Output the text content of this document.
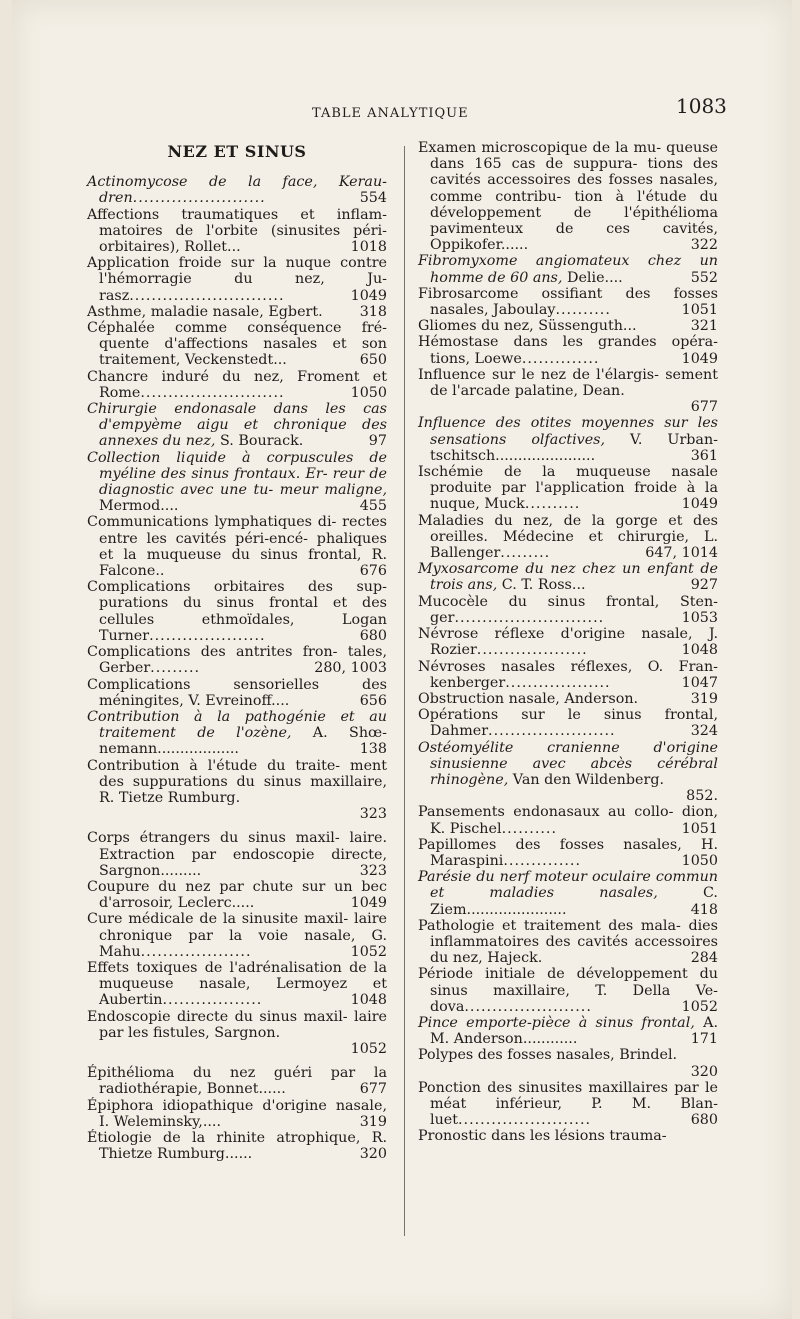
TABLE ANALYTIQUE	1083
NEZ ET SINUS

Actinomycose de la face, Kerau- dren........................	554

Affections traumatiques et inflam- matoires de l'orbite (sinusites péri-orbitaires), Rollet...	1018

Application froide sur la nuque contre l'hémorragie du nez, Ju- rasz............................	1049

Asthme, maladie nasale, Egbert.	318

Céphalée comme conséquence fré- quente d'affections nasales et son traitement, Veckenstedt...	650

Chancre induré du nez, Froment et Rome..........................	1050

Chirurgie endonasale dans les cas d'empyème aigu et chronique des annexes du nez, S. Bourack.	97

Collection liquide à corpuscules de myéline des sinus frontaux. Er- reur de diagnostic avec une tu- meur maligne, Mermod....	455

Communications lymphatiques di- rectes entre les cavités péri-encé- phaliques et la muqueuse du sinus frontal, R. Falcone..	676

Complications orbitaires des sup- purations du sinus frontal et des cellules ethmoïdales, Logan Turner.....................	680

Complications des antrites fron- tales, Gerber.........	280, 1003

Complications sensorielles des méningites, V. Evreinoff....	656

Contribution à la pathogénie et au traitement de l'ozène, A. Shœ- nemann..................	138

Contribution à l'étude du traite- ment des suppurations du sinus maxillaire, R. Tietze Rumburg.

323

Corps étrangers du sinus maxil- laire. Extraction par endoscopie directe, Sargnon.........	323

Coupure du nez par chute sur un bec d'arrosoir, Leclerc.....	1049

Cure médicale de la sinusite maxil- laire chronique par la voie nasale, G. Mahu....................	1052

Effets toxiques de l'adrénalisation de la muqueuse nasale, Lermoyez et Aubertin..................	1048

Endoscopie directe du sinus maxil- laire par les fistules, Sargnon.

1052

Épithélioma du nez guéri par la radiothérapie, Bonnet......	677

Épiphora idiopathique d'origine nasale, I. Weleminsky,....	319

Étiologie de la rhinite atrophique, R. Thietze Rumburg......	320

Examen microscopique de la mu- queuse dans 165 cas de suppura- tions des cavités accessoires des fosses nasales, comme contribu- tion à l'étude du développement de l'épithélioma pavimenteux de ces cavités, Oppikofer......	322

Fibromyxome angiomateux chez un homme de 60 ans, Delie....	552

Fibrosarcome ossifiant des fosses nasales, Jaboulay..........	1051

Gliomes du nez, Süssenguth...	321

Hémostase dans les grandes opéra- tions, Loewe..............	1049

Influence sur le nez de l'élargis- sement de l'arcade palatine, Dean.

677

Influence des otites moyennes sur les sensations olfactives, V. Urban- tschitsch......................	361

Ischémie de la muqueuse nasale produite par l'application froide à la nuque, Muck..........	1049

Maladies du nez, de la gorge et des oreilles. Médecine et chirurgie, L. Ballenger.........	647, 1014

Myxosarcome du nez chez un enfant de trois ans, C. T. Ross...	927

Mucocèle du sinus frontal, Sten- ger...........................	1053

Névrose réflexe d'origine nasale, J. Rozier....................	1048

Névroses nasales réflexes, O. Fran- kenberger...................	1047

Obstruction nasale, Anderson.	319

Opérations sur le sinus frontal, Dahmer.......................	324

Ostéomyélite cranienne d'origine sinusienne avec abcès cérébral rhinogène, Van den Wildenberg.

852.

Pansements endonasaux au collo- dion, K. Pischel..........	1051

Papillomes des fosses nasales, H. Maraspini..............	1050

Parésie du nerf moteur oculaire commun et maladies nasales, C. Ziem......................	418

Pathologie et traitement des mala- dies inflammatoires des cavités accessoires du nez, Hajeck.	284

Période initiale de développement du sinus maxillaire, T. Della Ve- dova.......................	1052

Pince emporte-pièce à sinus frontal, A. M. Anderson............	171

Polypes des fosses nasales, Brindel.

320

Ponction des sinusites maxillaires par le méat inférieur, P. M. Blan- luet........................	680

Pronostic dans les lésions trauma-
